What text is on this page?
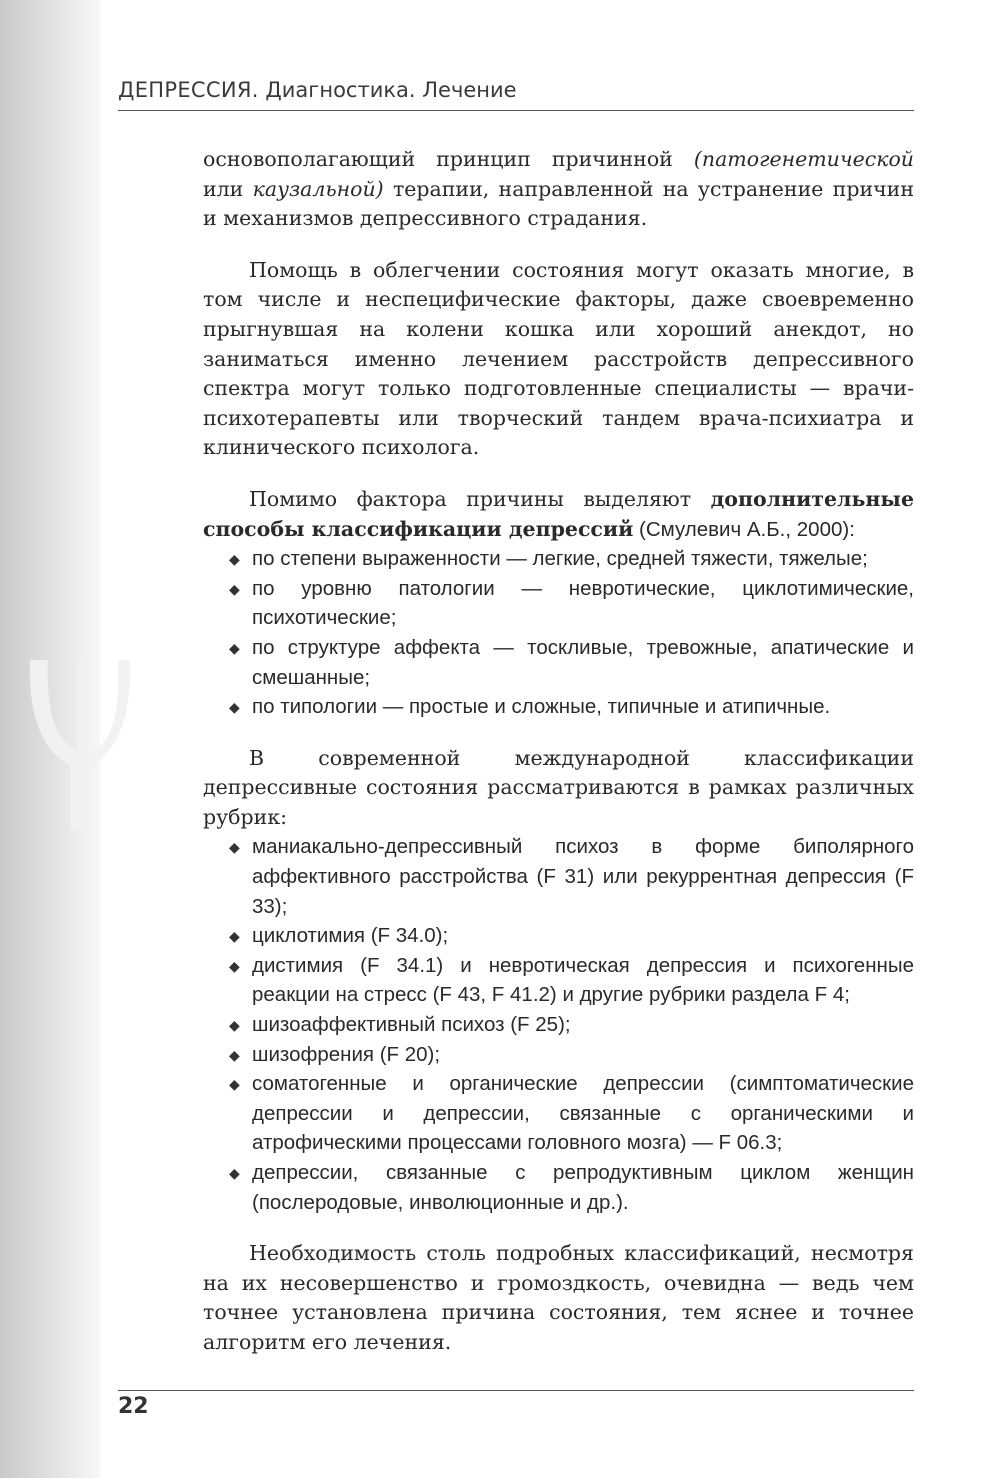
ДЕПРЕССИЯ. Диагностика. Лечение

основополагающий принцип причинной (патогенетической или каузальной) терапии, направленной на устранение причин и механизмов депрессивного страдания.

Помощь в облегчении состояния могут оказать многие, в том числе и неспецифические факторы, даже своевременно прыгнувшая на колени кошка или хороший анекдот, но заниматься именно лечением расстройств депрессивного спектра могут только подготовленные специалисты — врачи-психотерапевты или творческий тандем врача-психиатра и клинического психолога.

Помимо фактора причины выделяют дополнительные способы классификации депрессий (Смулевич А.Б., 2000):

◆ по степени выраженности — легкие, средней тяжести, тяжелые;
◆ по уровню патологии — невротические, циклотимические, психотические;
◆ по структуре аффекта — тоскливые, тревожные, апатические и смешанные;
◆ по типологии — простые и сложные, типичные и атипичные.

В современной международной классификации депрессивные состояния рассматриваются в рамках различных рубрик:

◆ маниакально-депрессивный психоз в форме биполярного аффективного расстройства (F 31) или рекуррентная депрессия (F 33);
◆ циклотимия (F 34.0);
◆ дистимия (F 34.1) и невротическая депрессия и психогенные реакции на стресс (F 43, F 41.2) и другие рубрики раздела F 4;
◆ шизоаффективный психоз (F 25);
◆ шизофрения (F 20);
◆ соматогенные и органические депрессии (симптоматические депрессии и депрессии, связанные с органическими и атрофическими процессами головного мозга) — F 06.3;
◆ депрессии, связанные с репродуктивным циклом женщин (послеродовые, инволюционные и др.).

Необходимость столь подробных классификаций, несмотря на их несовершенство и громоздкость, очевидна — ведь чем точнее установлена причина состояния, тем яснее и точнее алгоритм его лечения.

22
